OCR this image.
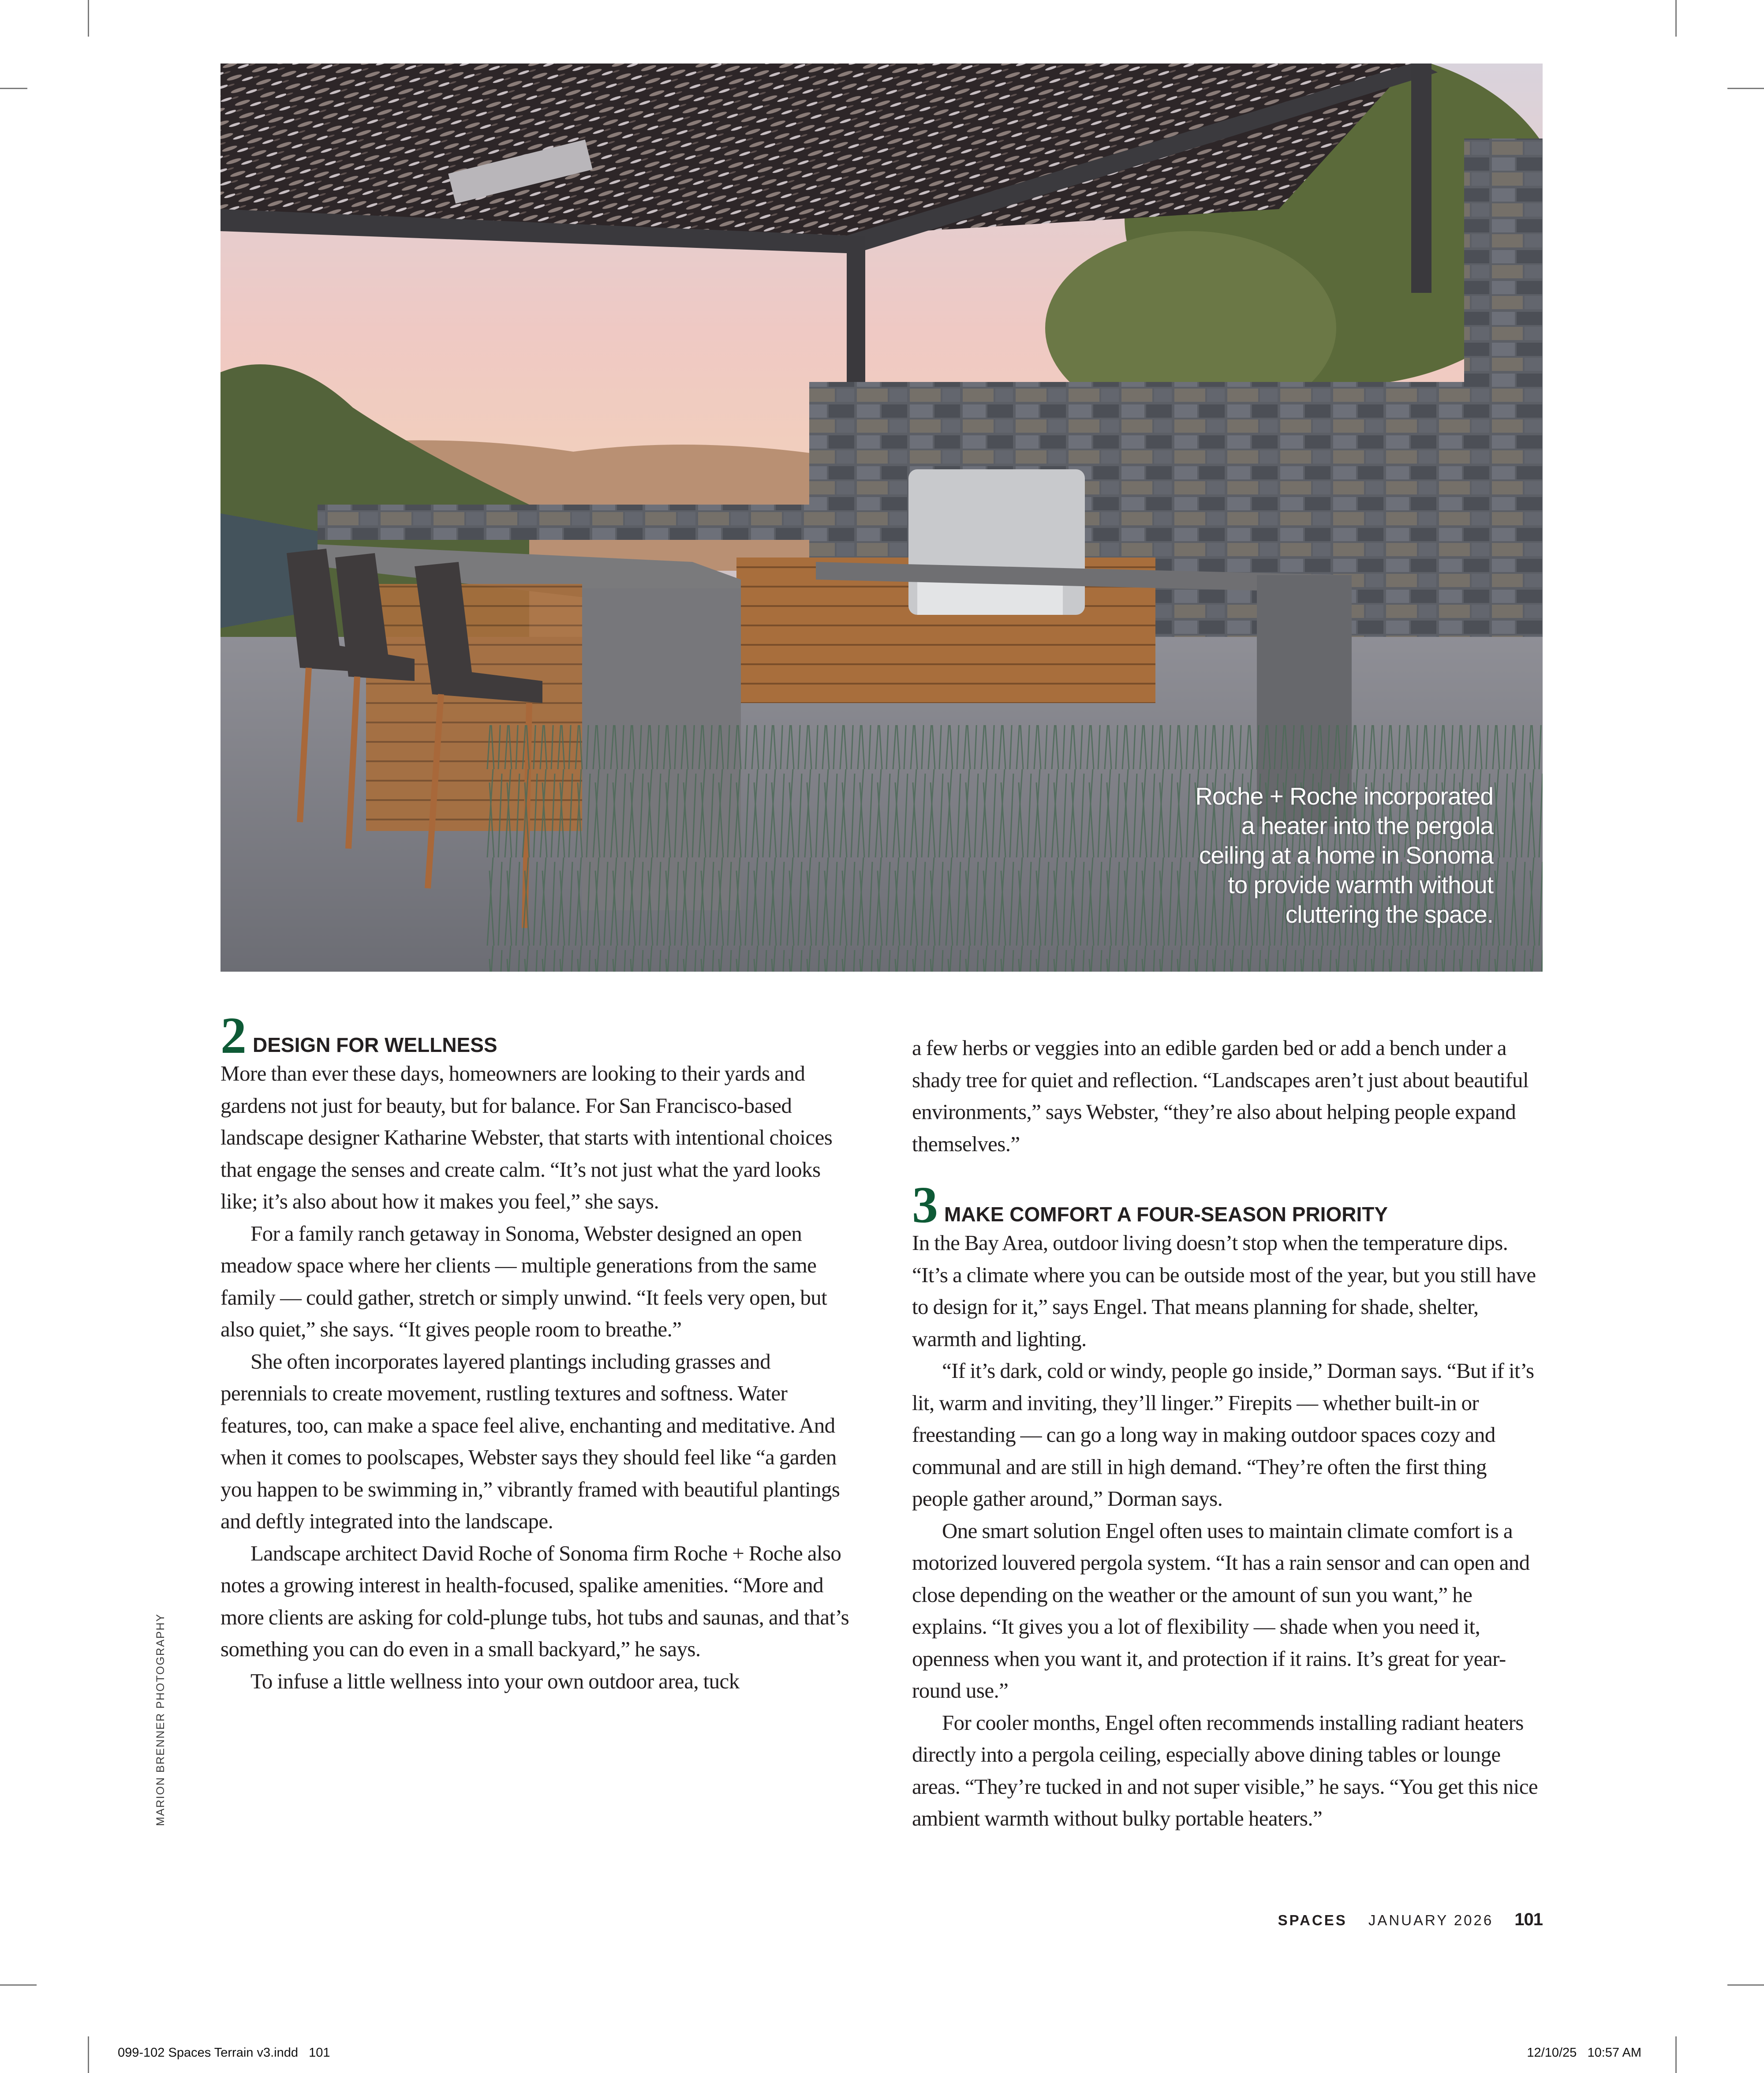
Roche + Roche incorporated
a heater into the pergola
ceiling at a home in Sonoma
to provide warmth without
cluttering the space.
MARION BRENNER PHOTOGRAPHY
2 DESIGN FOR WELLNESS

More than ever these days, homeowners are looking to their yards and gardens not just for beauty, but for balance. For San Francisco-based landscape designer Katharine Webster, that starts with intentional choices that engage the senses and create calm. “It’s not just what the yard looks like; it’s also about how it makes you feel,” she says.

For a family ranch getaway in Sonoma, Webster designed an open meadow space where her clients — multiple generations from the same family — could gather, stretch or simply unwind. “It feels very open, but also quiet,” she says. “It gives people room to breathe.”

She often incorporates layered plantings including grasses and perennials to create movement, rustling textures and softness. Water features, too, can make a space feel alive, enchanting and meditative. And when it comes to poolscapes, Webster says they should feel like “a garden you happen to be swimming in,” vibrantly framed with beautiful plantings and deftly integrated into the landscape.

Landscape architect David Roche of Sonoma firm Roche + Roche also notes a growing interest in health-focused, spalike amenities. “More and more clients are asking for cold-plunge tubs, hot tubs and saunas, and that’s something you can do even in a small backyard,” he says.

To infuse a little wellness into your own outdoor area, tuck

a few herbs or veggies into an edible garden bed or add a bench under a shady tree for quiet and reflection. “Landscapes aren’t just about beautiful environments,” says Webster, “they’re also about helping people expand themselves.”

3 MAKE COMFORT A FOUR-SEASON PRIORITY

In the Bay Area, outdoor living doesn’t stop when the temperature dips. “It’s a climate where you can be outside most of the year, but you still have to design for it,” says Engel. That means planning for shade, shelter, warmth and lighting.

“If it’s dark, cold or windy, people go inside,” Dorman says. “But if it’s lit, warm and inviting, they’ll linger.” Firepits — whether built-in or freestanding — can go a long way in making outdoor spaces cozy and communal and are still in high demand. “They’re often the first thing people gather around,” Dorman says.

One smart solution Engel often uses to maintain climate comfort is a motorized louvered pergola system. “It has a rain sensor and can open and close depending on the weather or the amount of sun you want,” he explains. “It gives you a lot of flexibility — shade when you need it, openness when you want it, and protection if it rains. It’s great for year-round use.”

For cooler months, Engel often recommends installing radiant heaters directly into a pergola ceiling, especially above dining tables or lounge areas. “They’re tucked in and not super visible,” he says. “You get this nice ambient warmth without bulky portable heaters.”

SPACES JANUARY 2026 101
099-102 Spaces Terrain v3.indd   101	12/10/25   10:57 AM
